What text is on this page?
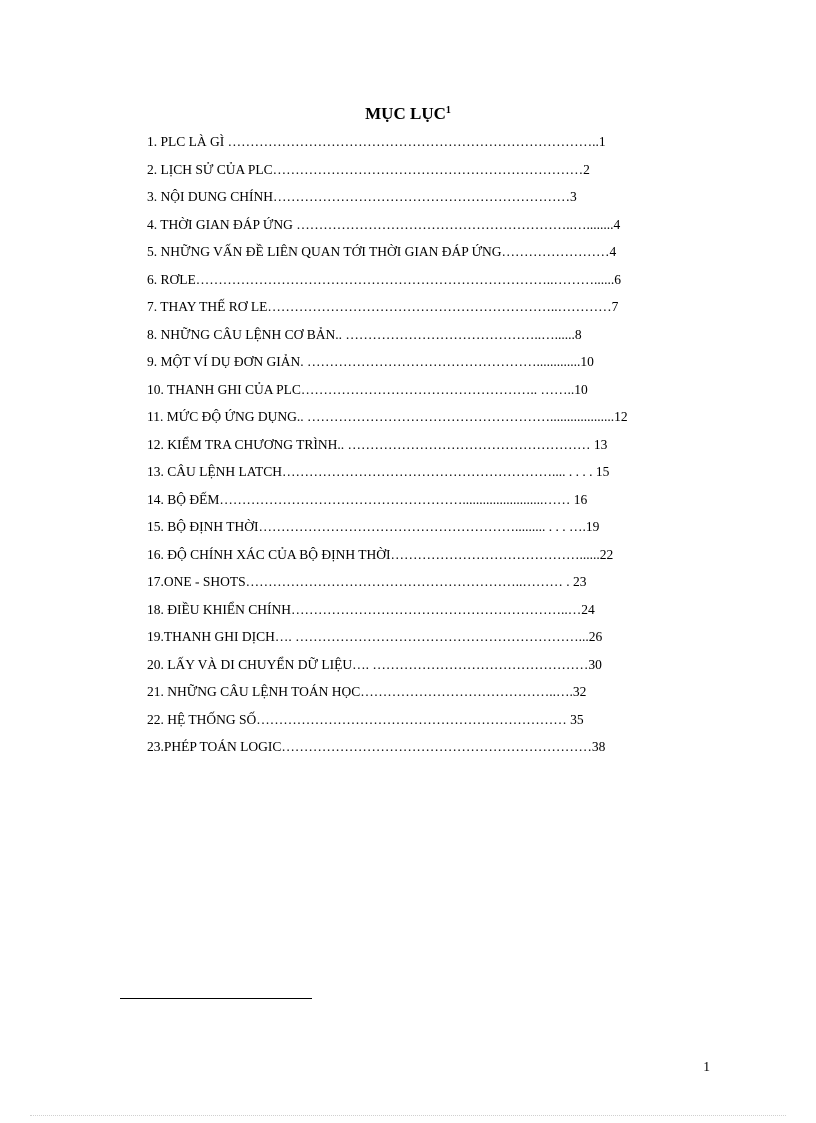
MỤC LỤC$^1$
1. PLC LÀ GÌ ………………………………………………………………………..1
2. LỊCH SỬ CỦA PLC……………………………………………………………2
3. NỘI DUNG CHÍNH…………………………………………………………3
4. THỜI GIAN ĐÁP ỨNG ……………………………………………………..…........4
5. NHỮNG VẤN ĐỀ LIÊN QUAN TỚI THỜI GIAN ĐÁP ỨNG……………………4
6. RƠLE……………………………………………………………………..………......6
7. THAY THẾ RƠ LE………………………………………………………..…………7
8. NHỮNG CÂU LỆNH CƠ BẢN.. ……………………………………..…......8
9. MỘT VÍ DỤ ĐƠN GIẢN. …………………………………………….............10
10. THANH GHI CỦA PLC…………………………………………….. ……..10
11. MỨC ĐỘ ỨNG DỤNG.. ………………………………………………...................12
12. KIỂM TRA CHƯƠNG TRÌNH.. ……………………………………………… 13
13. CÂU LỆNH LATCH…………………………………………………….... . . . . 15
14. BỘ ĐẾM………………………………………………........................…… 16
15. BỘ ĐỊNH THỜI…………………………………………………......... . . . ….19
16. ĐỘ CHÍNH XÁC CỦA BỘ ĐỊNH THỜI……………………………………......22
17.ONE - SHOTS……………………………………………………..……… . 23
18. ĐIỀU KHIỂN CHÍNH……………………………………………………..…24
19.THANH GHI DỊCH…. ………………………………………………………...26
20. LẤY VÀ DI CHUYỂN DỮ LIỆU…. …………………………………………30
21. NHỮNG CÂU LỆNH TOÁN HỌC……………………………………..….32
22. HỆ THỐNG SỐ…………………………………………………………… 35
23.PHÉP TOÁN LOGIC……………………………………………………………38
1
